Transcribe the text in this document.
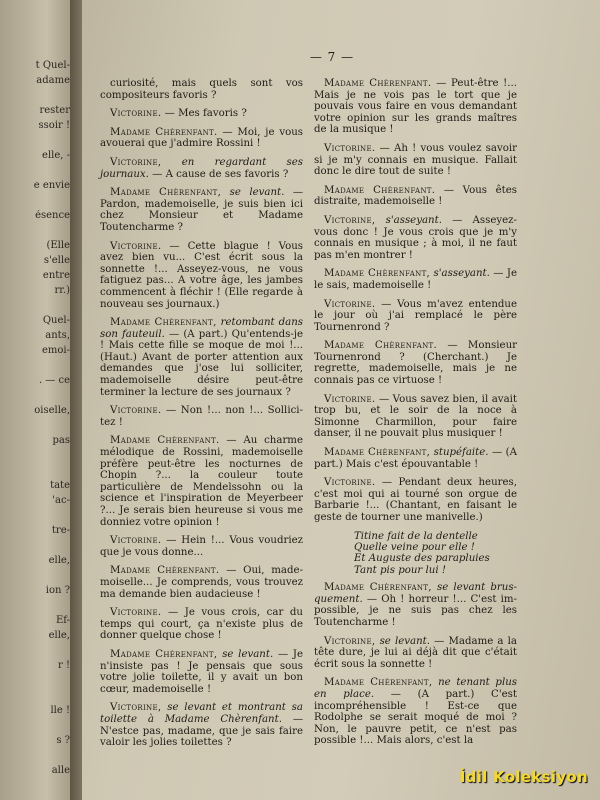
t Quel-
adame
rester
ssoir !
elle, -
e envie
ésence
(Elle
s'elle
entre
rr.)
Quel-
ants,
emoi-
. — ce
oiselle,
pas
tate
'ac-
tre-
elle,
ion ?
Ef-
elle,
r !
lle !
s ?
alle
— 7 —
curiosité, mais quels sont vos compositeurs favoris ?
Victorine. — Mes favoris ?
Madame Chèrenfant. — Moi, je vous avouerai que j'admire Rossini !
Victorine, en regardant ses journaux. — A cause de ses favoris ?
Madame Chèrenfant, se levant. — Pardon, mademoiselle, je suis bien ici chez Monsieur et Madame Toutencharme ?
Victorine. — Cette blague ! Vous avez bien vu... C'est écrit sous la sonnette !... Asseyez-vous, ne vous fatiguez pas... A votre âge, les jambes commencent à fléchir ! (Elle regarde à nouveau ses journaux.)
Madame Chèrenfant, retombant dans son fauteuil. — (A part.) Qu'entends-je ! Mais cette fille se moque de moi !... (Haut.) Avant de porter attention aux demandes que j'ose lui solliciter, mademoiselle désire peut-être terminer la lecture de ses journaux ?
Victorine. — Non !... non !... Sollicitez !
Madame Chèrenfant. — Au charme mélodique de Rossini, mademoiselle préfère peut-être les nocturnes de Chopin ?... la couleur toute particulière de Mendelssohn ou la science et l'inspiration de Meyerbeer ?... Je serais bien heureuse si vous me donniez votre opinion !
Victorine. — Hein !... Vous voudriez que je vous donne...
Madame Chèrenfant. — Oui, mademoiselle... Je comprends, vous trouvez ma demande bien audacieuse !
Victorine. — Je vous crois, car du temps qui court, ça n'existe plus de donner quelque chose !
Madame Chèrenfant, se levant. — Je n'insiste pas ! Je pensais que sous votre jolie toilette, il y avait un bon cœur, mademoiselle !
Victorine, se levant et montrant sa toilette à Madame Chèrenfant. — N'estce pas, madame, que je sais faire valoir les jolies toilettes ?
Madame Chèrenfant. — Peut-être !... Mais je ne vois pas le tort que je pouvais vous faire en vous demandant votre opinion sur les grands maîtres de la musique !
Victorine. — Ah ! vous voulez savoir si je m'y connais en musique. Fallait donc le dire tout de suite !
Madame Chèrenfant. — Vous êtes distraite, mademoiselle !
Victorine, s'asseyant. — Asseyez-vous donc ! Je vous crois que je m'y connais en musique ; à moi, il ne faut pas m'en montrer !
Madame Chèrenfant, s'asseyant. — Je le sais, mademoiselle !
Victorine. — Vous m'avez entendue le jour où j'ai remplacé le père Tournenrond ?
Madame Chèrenfant. — Monsieur Tournenrond ? (Cherchant.) Je regrette, mademoiselle, mais je ne connais pas ce virtuose !
Victorine. — Vous savez bien, il avait trop bu, et le soir de la noce à Simonne Charmillon, pour faire danser, il ne pouvait plus musiquer !
Madame Chèrenfant, stupéfaite. — (A part.) Mais c'est épouvantable !
Victorine. — Pendant deux heures, c'est moi qui ai tourné son orgue de Barbarie !... (Chantant, en faisant le geste de tourner une manivelle.)
Titine fait de la dentelle
Quelle veine pour elle !
Et Auguste des parapluies
Tant pis pour lui !
Madame Chèrenfant, se levant brusquement. — Oh ! horreur !... C'est impossible, je ne suis pas chez les Toutencharme !
Victorine, se levant. — Madame a la tête dure, je lui ai déjà dit que c'était écrit sous la sonnette !
Madame Chèrenfant, ne tenant plus en place. — (A part.) C'est incompréhensible ! Est-ce que Rodolphe se serait moqué de moi ? Non, le pauvre petit, ce n'est pas possible !... Mais alors, c'est la
İdil Koleksiyon
